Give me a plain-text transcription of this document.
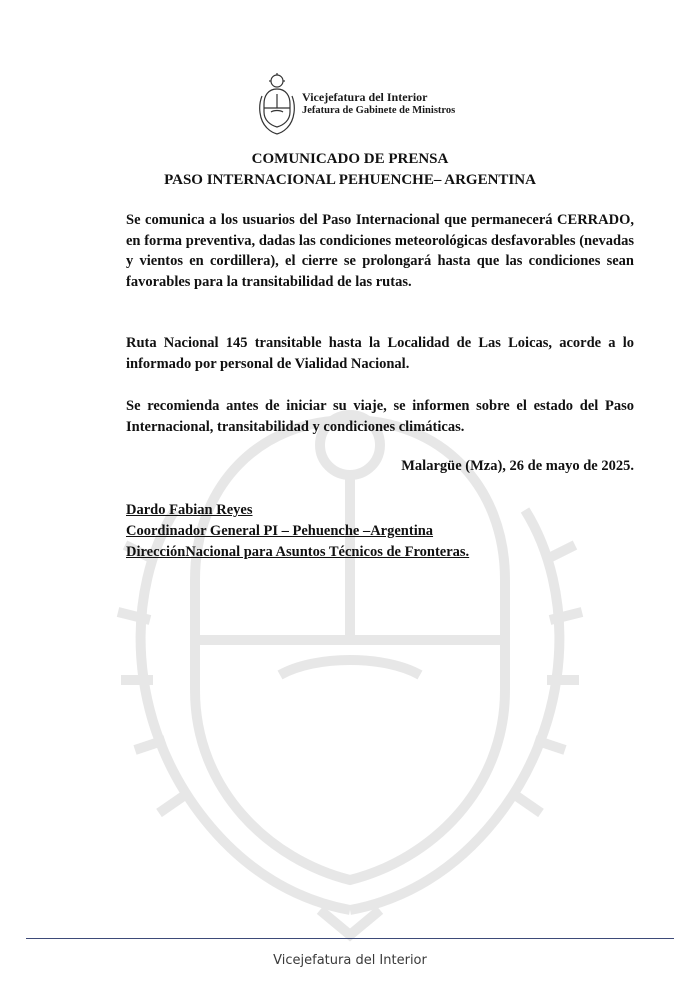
Vicejefatura del Interior
Jefatura de Gabinete de Ministros
COMUNICADO DE PRENSA
PASO INTERNACIONAL PEHUENCHE– ARGENTINA
Se comunica a los usuarios del Paso Internacional que permanecerá CERRADO, en forma preventiva, dadas las condiciones meteorológicas desfavorables (nevadas y vientos en cordillera), el cierre se prolongará hasta que las condiciones sean favorables para la transitabilidad de las rutas.
Ruta Nacional 145 transitable hasta la Localidad de Las Loicas, acorde a lo informado por personal de Vialidad Nacional.
Se recomienda antes de iniciar su viaje, se informen sobre el estado del Paso Internacional, transitabilidad y condiciones climáticas.
Malargüe (Mza), 26 de mayo de 2025.
Dardo Fabian Reyes
Coordinador General PI – Pehuenche –Argentina
DirecciónNacional para Asuntos Técnicos de Fronteras.
Vicejefatura del Interior
